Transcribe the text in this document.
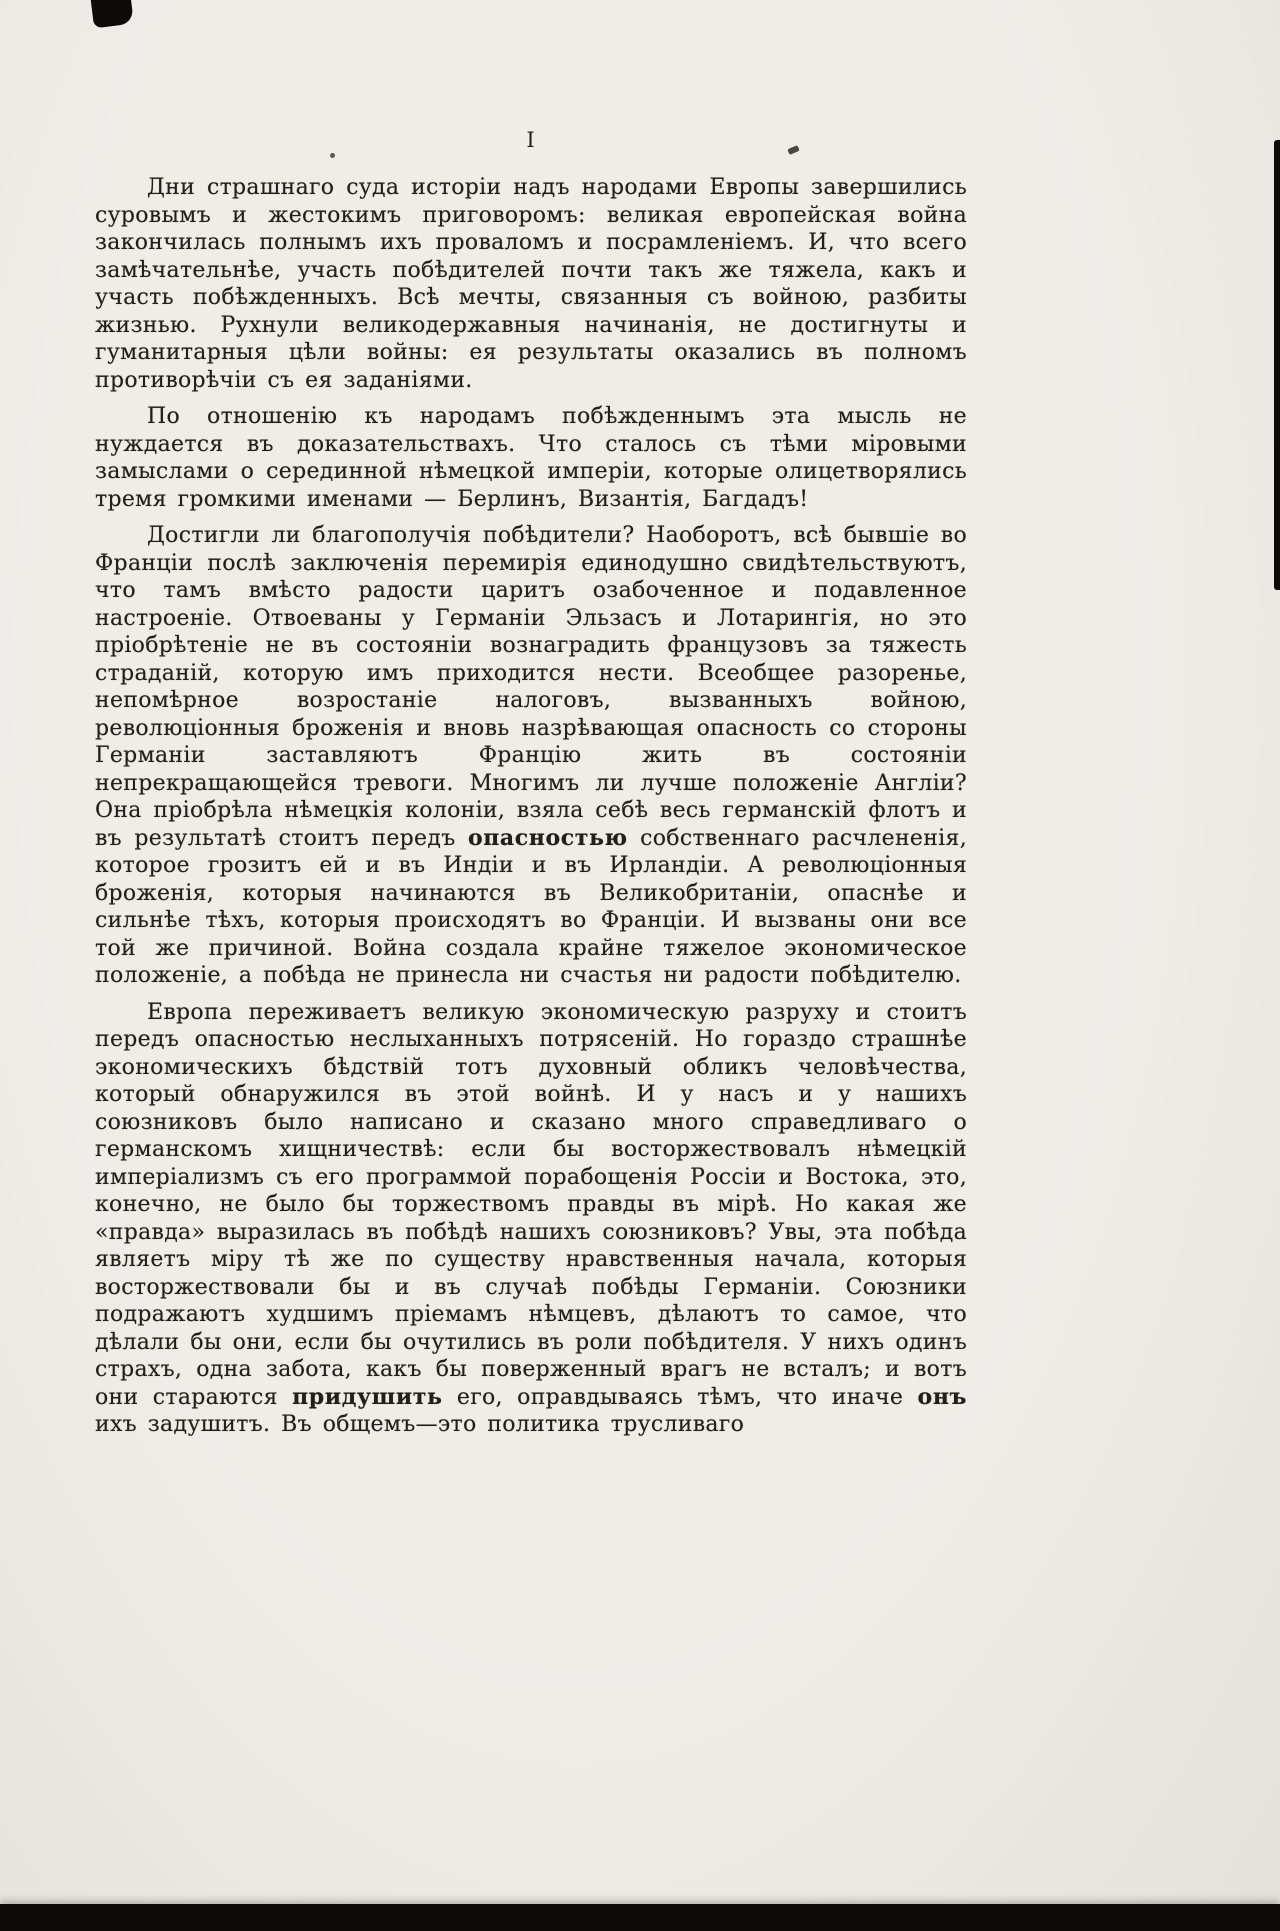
I

Дни страшнаго суда исторіи надъ народами Европы завершились суровымъ и жестокимъ приговоромъ: великая европейская война закончилась полнымъ ихъ проваломъ и посрамленіемъ. И, что всего замѣчательнѣе, участь побѣдителей почти такъ же тяжела, какъ и участь побѣжденныхъ. Всѣ мечты, связанныя съ войною, разбиты жизнью. Рухнули великодержавныя начинанія, не достигнуты и гуманитарныя цѣли войны: ея результаты оказались въ полномъ противорѣчіи съ ея заданіями.

По отношенію къ народамъ побѣжденнымъ эта мысль не нуждается въ доказательствахъ. Что сталось съ тѣми міровыми замыслами о серединной нѣмецкой имперіи, которые олицетворялись тремя громкими именами — Берлинъ, Византія, Багдадъ!

Достигли ли благополучія побѣдители? Наоборотъ, всѣ бывшіе во Франціи послѣ заключенія перемирія единодушно свидѣтельствуютъ, что тамъ вмѣсто радости царитъ озабоченное и подавленное настроеніе. Отвоеваны у Германіи Эльзасъ и Лотарингія, но это пріобрѣтеніе не въ состояніи вознаградить французовъ за тяжесть страданій, которую имъ приходится нести. Всеобщее разоренье, непомѣрное возростаніе налоговъ, вызванныхъ войною, революціонныя броженія и вновь назрѣвающая опасность со стороны Германіи заставляютъ Францію жить въ состояніи непрекращающейся тревоги. Многимъ ли лучше положеніе Англіи? Она пріобрѣла нѣмецкія колоніи, взяла себѣ весь германскій флотъ и въ результатѣ стоитъ передъ опасностью собственнаго расчлененія, которое грозитъ ей и въ Индіи и въ Ирландіи. А революціонныя броженія, которыя начинаются въ Великобританіи, опаснѣе и сильнѣе тѣхъ, которыя происходятъ во Франціи. И вызваны они все той же причиной. Война создала крайне тяжелое экономическое положеніе, а побѣда не принесла ни счастья ни радости побѣдителю.

Европа переживаетъ великую экономическую разруху и стоитъ передъ опасностью неслыханныхъ потрясеній. Но гораздо страшнѣе экономическихъ бѣдствій тотъ духовный обликъ человѣчества, который обнаружился въ этой войнѣ. И у насъ и у нашихъ союзниковъ было написано и сказано много справедливаго о германскомъ хищничествѣ: если бы восторжествовалъ нѣмецкій имперіализмъ съ его программой порабощенія Россіи и Востока, это, конечно, не было бы торжествомъ правды въ мірѣ. Но какая же «правда» выразилась въ побѣдѣ нашихъ союзниковъ? Увы, эта побѣда являетъ міру тѣ же по существу нравственныя начала, которыя восторжествовали бы и въ случаѣ побѣды Германіи. Союзники подражаютъ худшимъ пріемамъ нѣмцевъ, дѣлаютъ то самое, что дѣлали бы они, если бы очутились въ роли побѣдителя. У нихъ одинъ страхъ, одна забота, какъ бы поверженный врагъ не всталъ; и вотъ они стараются придушить его, оправдываясь тѣмъ, что иначе онъ ихъ задушитъ. Въ общемъ—это политика трусливаго
